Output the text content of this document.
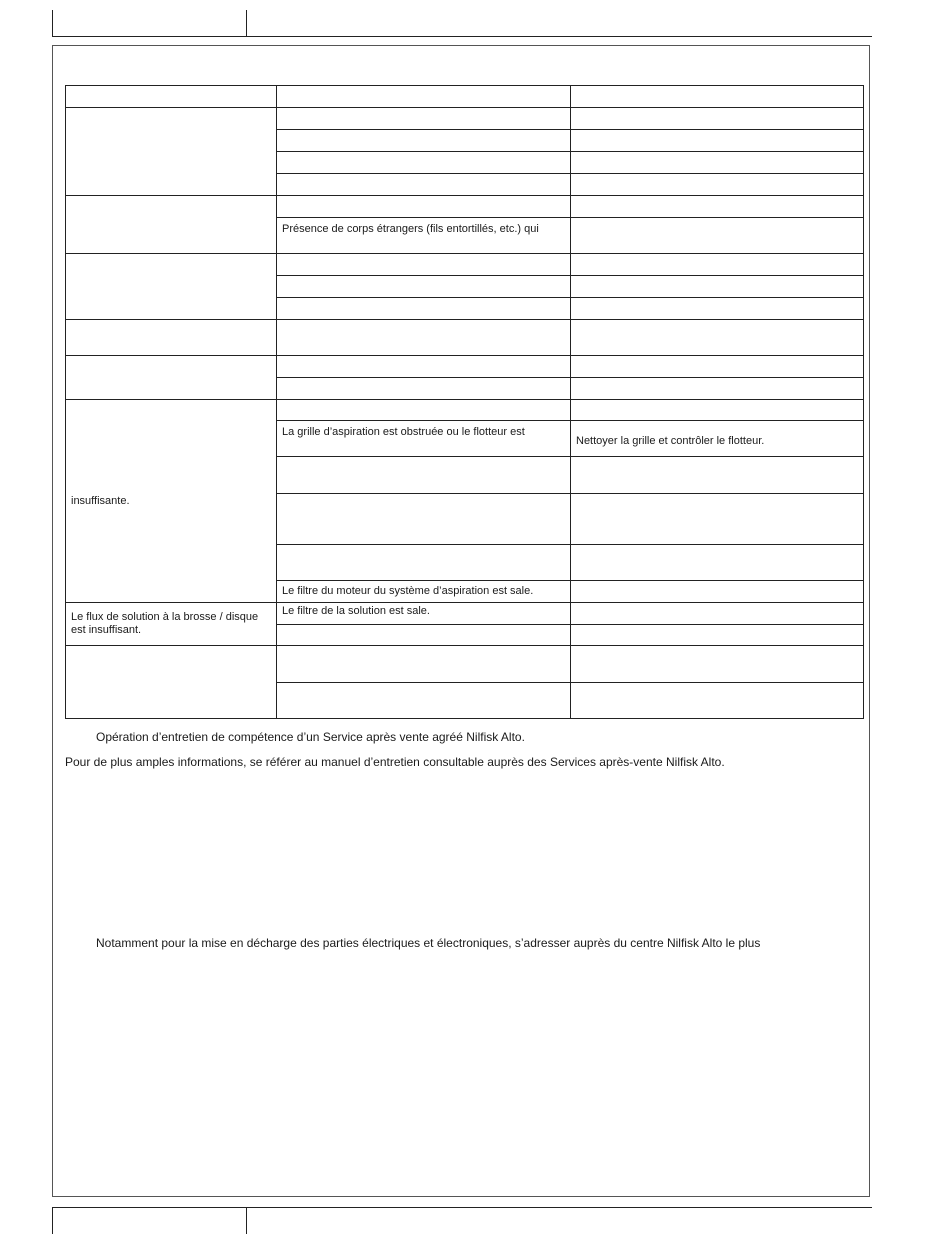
	Présence de corps étrangers (fils entortillés, etc.) qui	

insuffisante.		
	La grille d’aspiration est obstruée ou le flotteur est	Nettoyer la grille et contrôler le flotteur.

	Le filtre du moteur du système d’aspiration est sale.	
Le flux de solution à la brosse / disque est insuffisant.	Le filtre de la solution est sale.	

Opération d’entretien de compétence d’un Service après vente agréé Nilfisk Alto.
Pour de plus amples informations, se référer au manuel d’entretien consultable auprès des Services après-vente Nilfisk Alto.
Notamment pour la mise en décharge des parties électriques et électroniques, s’adresser auprès du centre Nilfisk Alto le plus
